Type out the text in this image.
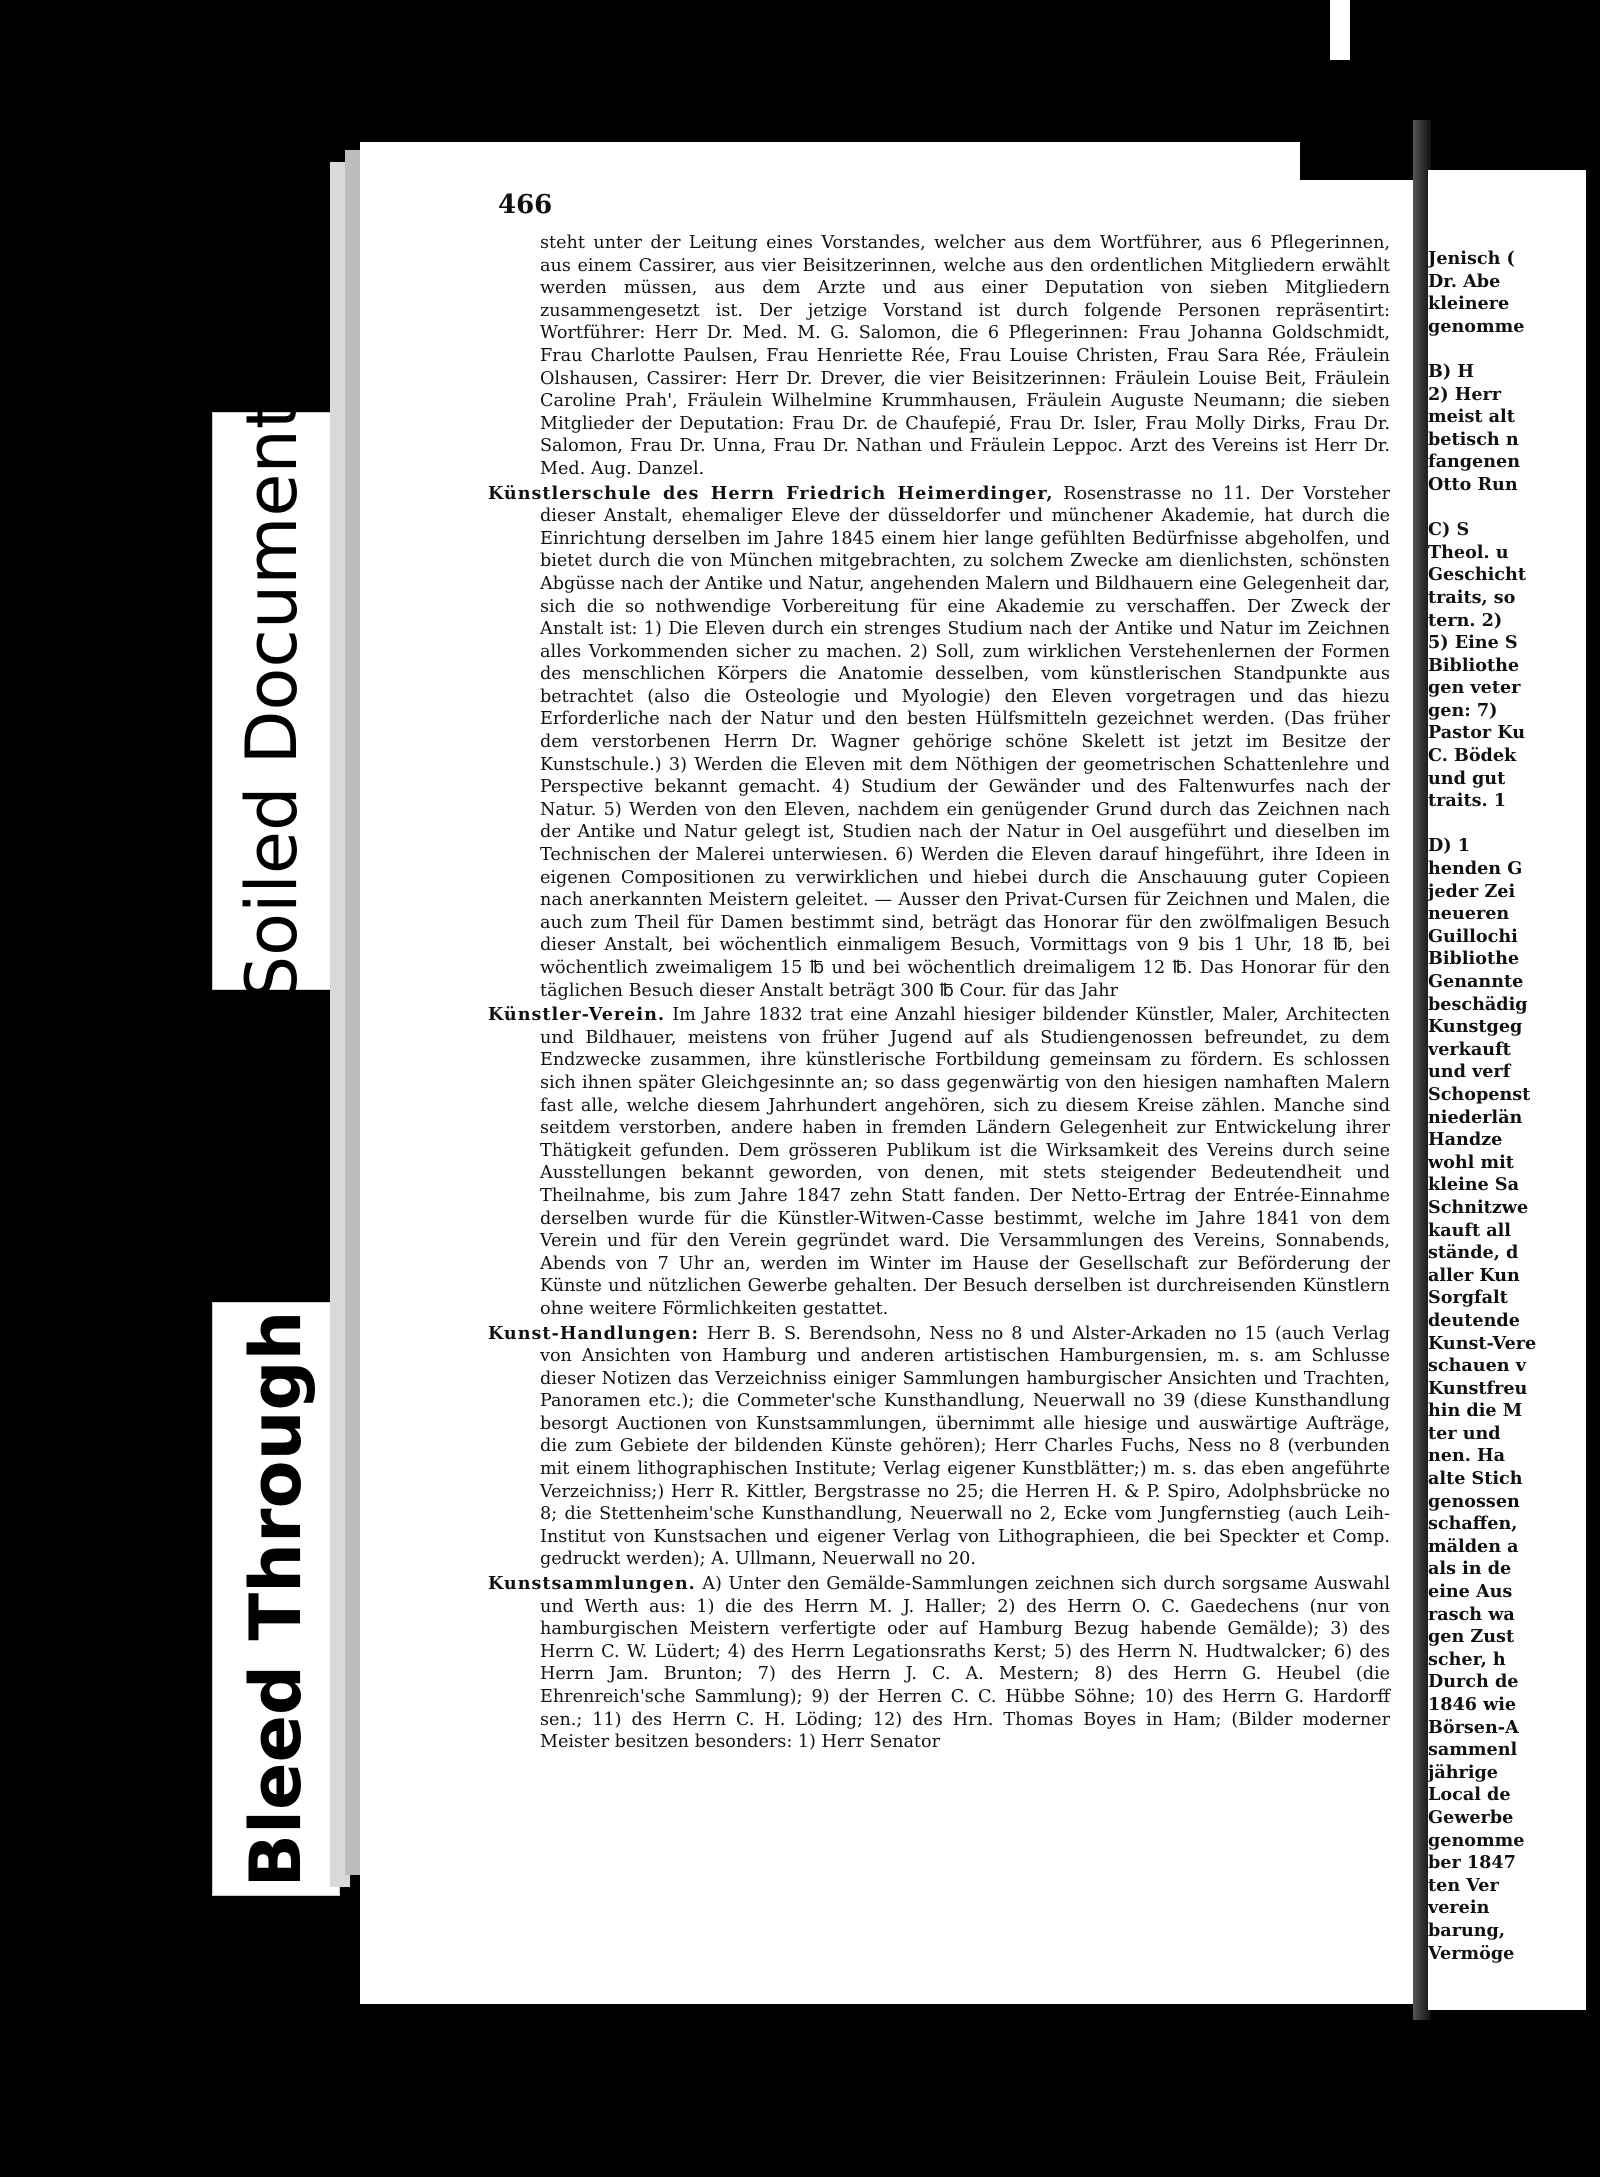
Soiled Document
Bleed Through
466

steht unter der Leitung eines Vorstandes, welcher aus dem Wortführer, aus 6 Pflegerinnen, aus einem Cassirer, aus vier Beisitzerinnen, welche aus den ordentlichen Mitgliedern erwählt werden müssen, aus dem Arzte und aus einer Deputation von sieben Mitgliedern zusammengesetzt ist. Der jetzige Vorstand ist durch folgende Personen repräsentirt: Wortführer: Herr Dr. Med. M. G. Salomon, die 6 Pflegerinnen: Frau Johanna Goldschmidt, Frau Charlotte Paulsen, Frau Henriette Rée, Frau Louise Christen, Frau Sara Rée, Fräulein Olshausen, Cassirer: Herr Dr. Drever, die vier Beisitzerinnen: Fräulein Louise Beit, Fräulein Caroline Prah', Fräulein Wilhelmine Krummhausen, Fräulein Auguste Neumann; die sieben Mitglieder der Deputation: Frau Dr. de Chaufepié, Frau Dr. Isler, Frau Molly Dirks, Frau Dr. Salomon, Frau Dr. Unna, Frau Dr. Nathan und Fräulein Leppoc. Arzt des Vereins ist Herr Dr. Med. Aug. Danzel.

Künstlerschule des Herrn Friedrich Heimerdinger, Rosenstrasse no 11. Der Vorsteher dieser Anstalt, ehemaliger Eleve der düsseldorfer und münchener Akademie, hat durch die Einrichtung derselben im Jahre 1845 einem hier lange gefühlten Bedürfnisse abgeholfen, und bietet durch die von München mitgebrachten, zu solchem Zwecke am dienlichsten, schönsten Abgüsse nach der Antike und Natur, angehenden Malern und Bildhauern eine Gelegenheit dar, sich die so nothwendige Vorbereitung für eine Akademie zu verschaffen. Der Zweck der Anstalt ist: 1) Die Eleven durch ein strenges Studium nach der Antike und Natur im Zeichnen alles Vorkommenden sicher zu machen. 2) Soll, zum wirklichen Verstehenlernen der Formen des menschlichen Körpers die Anatomie desselben, vom künstlerischen Standpunkte aus betrachtet (also die Osteologie und Myologie) den Eleven vorgetragen und das hiezu Erforderliche nach der Natur und den besten Hülfsmitteln gezeichnet werden. (Das früher dem verstorbenen Herrn Dr. Wagner gehörige schöne Skelett ist jetzt im Besitze der Kunstschule.) 3) Werden die Eleven mit dem Nöthigen der geometrischen Schattenlehre und Perspective bekannt gemacht. 4) Studium der Gewänder und des Faltenwurfes nach der Natur. 5) Werden von den Eleven, nachdem ein genügender Grund durch das Zeichnen nach der Antike und Natur gelegt ist, Studien nach der Natur in Oel ausgeführt und dieselben im Technischen der Malerei unterwiesen. 6) Werden die Eleven darauf hingeführt, ihre Ideen in eigenen Compositionen zu verwirklichen und hiebei durch die Anschauung guter Copieen nach anerkannten Meistern geleitet. — Ausser den Privat-Cursen für Zeichnen und Malen, die auch zum Theil für Damen bestimmt sind, beträgt das Honorar für den zwölfmaligen Besuch dieser Anstalt, bei wöchentlich einmaligem Besuch, Vormittags von 9 bis 1 Uhr, 18 ℔, bei wöchentlich zweimaligem 15 ℔ und bei wöchentlich dreimaligem 12 ℔. Das Honorar für den täglichen Besuch dieser Anstalt beträgt 300 ℔ Cour. für das Jahr

Künstler-Verein. Im Jahre 1832 trat eine Anzahl hiesiger bildender Künstler, Maler, Architecten und Bildhauer, meistens von früher Jugend auf als Studiengenossen befreundet, zu dem Endzwecke zusammen, ihre künstlerische Fortbildung gemeinsam zu fördern. Es schlossen sich ihnen später Gleichgesinnte an; so dass gegenwärtig von den hiesigen namhaften Malern fast alle, welche diesem Jahrhundert angehören, sich zu diesem Kreise zählen. Manche sind seitdem verstorben, andere haben in fremden Ländern Gelegenheit zur Entwickelung ihrer Thätigkeit gefunden. Dem grösseren Publikum ist die Wirksamkeit des Vereins durch seine Ausstellungen bekannt geworden, von denen, mit stets steigender Bedeutendheit und Theilnahme, bis zum Jahre 1847 zehn Statt fanden. Der Netto-Ertrag der Entrée-Einnahme derselben wurde für die Künstler-Witwen-Casse bestimmt, welche im Jahre 1841 von dem Verein und für den Verein gegründet ward. Die Versammlungen des Vereins, Sonnabends, Abends von 7 Uhr an, werden im Winter im Hause der Gesellschaft zur Beförderung der Künste und nützlichen Gewerbe gehalten. Der Besuch derselben ist durchreisenden Künstlern ohne weitere Förmlichkeiten gestattet.

Kunst-Handlungen: Herr B. S. Berendsohn, Ness no 8 und Alster-Arkaden no 15 (auch Verlag von Ansichten von Hamburg und anderen artistischen Hamburgensien, m. s. am Schlusse dieser Notizen das Verzeichniss einiger Sammlungen hamburgischer Ansichten und Trachten, Panoramen etc.); die Commeter'sche Kunsthandlung, Neuerwall no 39 (diese Kunsthandlung besorgt Auctionen von Kunstsammlungen, übernimmt alle hiesige und auswärtige Aufträge, die zum Gebiete der bildenden Künste gehören); Herr Charles Fuchs, Ness no 8 (verbunden mit einem lithographischen Institute; Verlag eigener Kunstblätter;) m. s. das eben angeführte Verzeichniss;) Herr R. Kittler, Bergstrasse no 25; die Herren H. & P. Spiro, Adolphsbrücke no 8; die Stettenheim'sche Kunsthandlung, Neuerwall no 2, Ecke vom Jungfernstieg (auch Leih-Institut von Kunstsachen und eigener Verlag von Lithographieen, die bei Speckter et Comp. gedruckt werden); A. Ullmann, Neuerwall no 20.

Kunstsammlungen. A) Unter den Gemälde-Sammlungen zeichnen sich durch sorgsame Auswahl und Werth aus: 1) die des Herrn M. J. Haller; 2) des Herrn O. C. Gaedechens (nur von hamburgischen Meistern verfertigte oder auf Hamburg Bezug habende Gemälde); 3) des Herrn C. W. Lüdert; 4) des Herrn Legationsraths Kerst; 5) des Herrn N. Hudtwalcker; 6) des Herrn Jam. Brunton; 7) des Herrn J. C. A. Mestern; 8) des Herrn G. Heubel (die Ehrenreich'sche Sammlung); 9) der Herren C. C. Hübbe Söhne; 10) des Herrn G. Hardorff sen.; 11) des Herrn C. H. Löding; 12) des Hrn. Thomas Boyes in Ham; (Bilder moderner Meister besitzen besonders: 1) Herr Senator

Jenisch (
Dr. Abe
kleinere
genomme
B) H
2) Herr
meist alt
betisch n
fangenen
Otto Run
C) S
Theol. u
Geschicht
traits, so
tern. 2)
5) Eine S
Bibliothe
gen veter
gen: 7)
Pastor Ku
C. Bödek
und gut
traits. 1
D) 1
henden G
jeder Zei
neueren
Guillochi
Bibliothe
Genannte
beschädig
Kunstgeg
verkauft
und verf
Schopenst
niederlän
Handze
wohl mit
kleine Sa
Schnitzwe
kauft all
stände, d
aller Kun
Sorgfalt
deutende
Kunst-Vere
schauen v
Kunstfreu
hin die M
ter und
nen. Ha
alte Stich
genossen
schaffen,
mälden a
als in de
eine Aus
rasch wa
gen Zust
scher, h
Durch de
1846 wie
Börsen-A
sammenl
jährige
Local de
Gewerbe
genomme
ber 1847
ten Ver
verein
barung,
Vermöge
